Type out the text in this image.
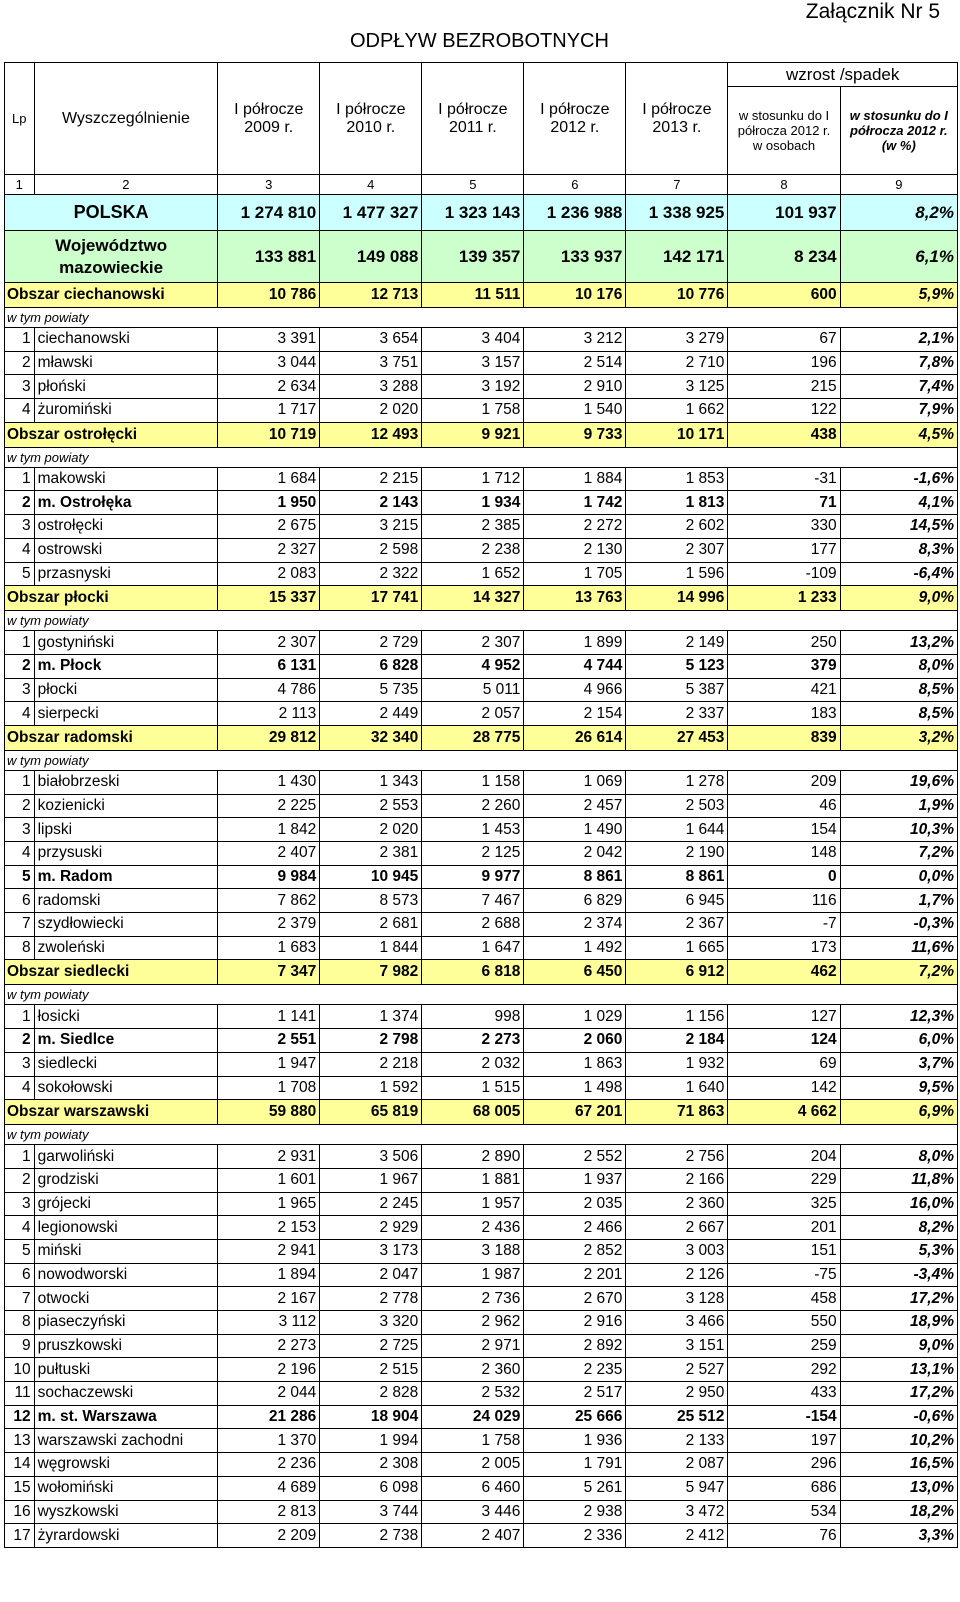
Załącznik Nr 5
ODPŁYW BEZROBOTNYCH
Lp	Wyszczególnienie	I półrocze 2009 r.	I półrocze 2010 r.	I półrocze 2011 r.	I półrocze 2012 r.	I półrocze 2013 r.	wzrost /spadek	
							w stosunku do I półrocza 2012 r. w osobach	w stosunku do I półrocza 2012 r. (w %)
1	2	3	4	5	6	7	8	9
POLSKA		1 274 810	1 477 327	1 323 143	1 236 988	1 338 925	101 937	8,2%
Województwo mazowieckie		133 881	149 088	139 357	133 937	142 171	8 234	6,1%
Obszar ciechanowski		10 786	12 713	11 511	10 176	10 776	600	5,9%
w tym powiaty								
1	ciechanowski	3 391	3 654	3 404	3 212	3 279	67	2,1%
2	mławski	3 044	3 751	3 157	2 514	2 710	196	7,8%
3	płoński	2 634	3 288	3 192	2 910	3 125	215	7,4%
4	żuromiński	1 717	2 020	1 758	1 540	1 662	122	7,9%
Obszar ostrołęcki		10 719	12 493	9 921	9 733	10 171	438	4,5%
w tym powiaty								
1	makowski	1 684	2 215	1 712	1 884	1 853	-31	-1,6%
2	m. Ostrołęka	1 950	2 143	1 934	1 742	1 813	71	4,1%
3	ostrołęcki	2 675	3 215	2 385	2 272	2 602	330	14,5%
4	ostrowski	2 327	2 598	2 238	2 130	2 307	177	8,3%
5	przasnyski	2 083	2 322	1 652	1 705	1 596	-109	-6,4%
Obszar płocki		15 337	17 741	14 327	13 763	14 996	1 233	9,0%
w tym powiaty								
1	gostyniński	2 307	2 729	2 307	1 899	2 149	250	13,2%
2	m. Płock	6 131	6 828	4 952	4 744	5 123	379	8,0%
3	płocki	4 786	5 735	5 011	4 966	5 387	421	8,5%
4	sierpecki	2 113	2 449	2 057	2 154	2 337	183	8,5%
Obszar radomski		29 812	32 340	28 775	26 614	27 453	839	3,2%
w tym powiaty								
1	białobrzeski	1 430	1 343	1 158	1 069	1 278	209	19,6%
2	kozienicki	2 225	2 553	2 260	2 457	2 503	46	1,9%
3	lipski	1 842	2 020	1 453	1 490	1 644	154	10,3%
4	przysuski	2 407	2 381	2 125	2 042	2 190	148	7,2%
5	m. Radom	9 984	10 945	9 977	8 861	8 861	0	0,0%
6	radomski	7 862	8 573	7 467	6 829	6 945	116	1,7%
7	szydłowiecki	2 379	2 681	2 688	2 374	2 367	-7	-0,3%
8	zwoleński	1 683	1 844	1 647	1 492	1 665	173	11,6%
Obszar siedlecki		7 347	7 982	6 818	6 450	6 912	462	7,2%
w tym powiaty								
1	łosicki	1 141	1 374	998	1 029	1 156	127	12,3%
2	m. Siedlce	2 551	2 798	2 273	2 060	2 184	124	6,0%
3	siedlecki	1 947	2 218	2 032	1 863	1 932	69	3,7%
4	sokołowski	1 708	1 592	1 515	1 498	1 640	142	9,5%
Obszar warszawski		59 880	65 819	68 005	67 201	71 863	4 662	6,9%
w tym powiaty								
1	garwoliński	2 931	3 506	2 890	2 552	2 756	204	8,0%
2	grodziski	1 601	1 967	1 881	1 937	2 166	229	11,8%
3	grójecki	1 965	2 245	1 957	2 035	2 360	325	16,0%
4	legionowski	2 153	2 929	2 436	2 466	2 667	201	8,2%
5	miński	2 941	3 173	3 188	2 852	3 003	151	5,3%
6	nowodworski	1 894	2 047	1 987	2 201	2 126	-75	-3,4%
7	otwocki	2 167	2 778	2 736	2 670	3 128	458	17,2%
8	piaseczyński	3 112	3 320	2 962	2 916	3 466	550	18,9%
9	pruszkowski	2 273	2 725	2 971	2 892	3 151	259	9,0%
10	pułtuski	2 196	2 515	2 360	2 235	2 527	292	13,1%
11	sochaczewski	2 044	2 828	2 532	2 517	2 950	433	17,2%
12	m. st. Warszawa	21 286	18 904	24 029	25 666	25 512	-154	-0,6%
13	warszawski zachodni	1 370	1 994	1 758	1 936	2 133	197	10,2%
14	węgrowski	2 236	2 308	2 005	1 791	2 087	296	16,5%
15	wołomiński	4 689	6 098	6 460	5 261	5 947	686	13,0%
16	wyszkowski	2 813	3 744	3 446	2 938	3 472	534	18,2%
17	żyrardowski	2 209	2 738	2 407	2 336	2 412	76	3,3%
